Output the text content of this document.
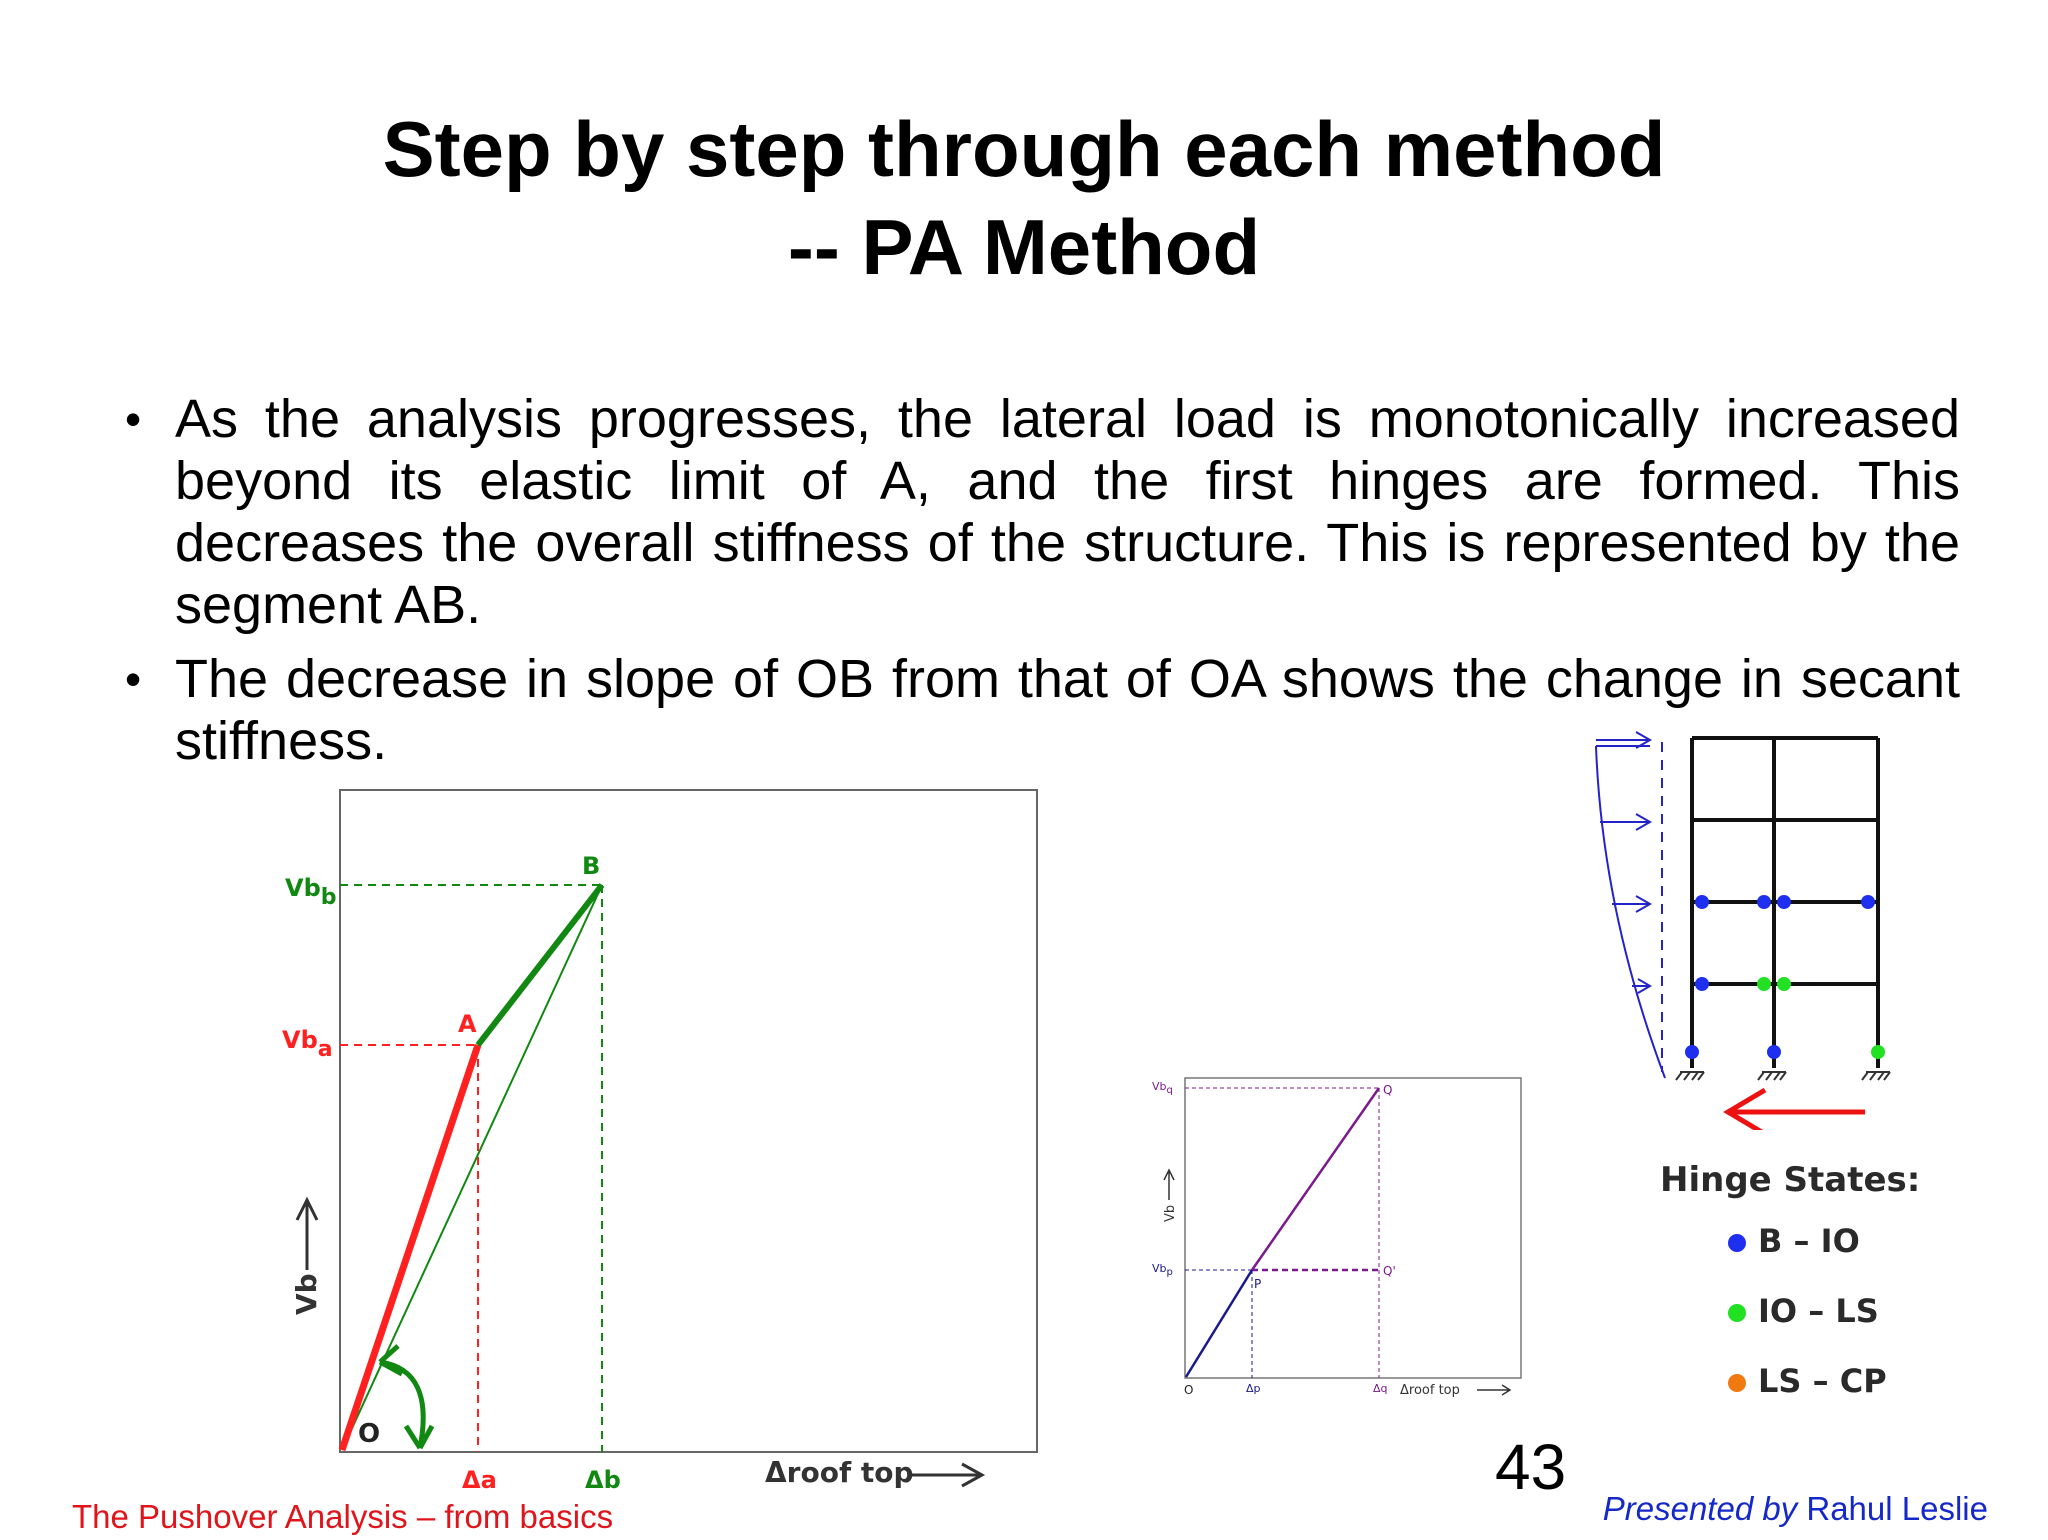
Step by step through each method
-- PA Method
• As the analysis progresses, the lateral load is monotonically increased beyond its elastic limit of A, and the first hinges are formed. This decreases the overall stiffness of the structure. This is represented by the segment AB.
• The decrease in slope of OB from that of OA shows the change in secant stiffness.
O
A
B
Vbb
Vba
Δa	Δb	Δroof top
Vb
Q
Q'
P
O
Vbq
Vbp
Δp	Δq Δroof top
Vb
Hinge States:
B – IO
IO – LS
LS – CP
43
The Pushover Analysis – from basics	Presented by Rahul Leslie
